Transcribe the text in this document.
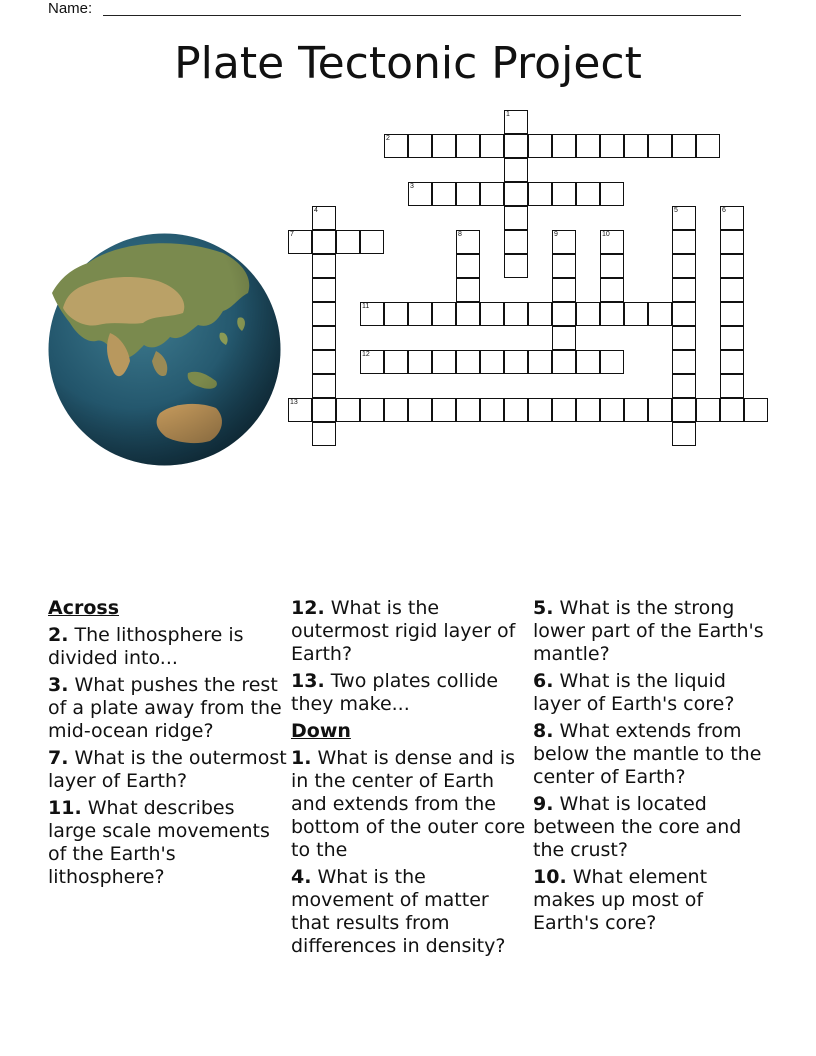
Name:
Plate Tectonic Project
1
2
3
4	5	6
7	8	9	10
11
12
13
Across
2. The lithosphere is divided into...
3. What pushes the rest of a plate away from the mid-ocean ridge?
7. What is the outermost layer of Earth?
11. What describes large scale movements of the Earth's lithosphere?
12. What is the outermost rigid layer of Earth?
13. Two plates collide they make...
Down
1. What is dense and is in the center of Earth and extends from the bottom of the outer core to the
4. What is the movement of matter that results from differences in density?
5. What is the strong lower part of the Earth's mantle?
6. What is the liquid layer of Earth's core?
8. What extends from below the mantle to the center of Earth?
9. What is located between the core and the crust?
10. What element makes up most of Earth's core?
